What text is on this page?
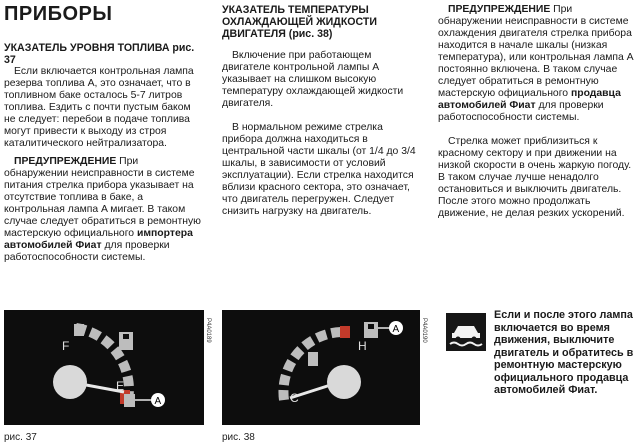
ПРИБОРЫ
УКАЗАТЕЛЬ УРОВНЯ ТОПЛИВА рис. 37

Если включается контрольная лампа резерва топлива A, это означает, что в топливном баке осталось 5-7 литров топлива. Ездить с почти пустым баком не следует: перебои в подаче топлива могут привести к выходу из строя каталитического нейтрализатора.

ПРЕДУПРЕЖДЕНИЕ При обнаружении неисправности в системе питания стрелка прибора указывает на отсутствие топлива в баке, а контрольная лампа A мигает. В таком случае следует обратиться в ремонтную мастерскую официального импортера автомобилей Фиат для проверки работоспособности системы.

УКАЗАТЕЛЬ ТЕМПЕРАТУРЫ ОХЛАЖДАЮЩЕЙ ЖИДКОСТИ ДВИГАТЕЛЯ (рис. 38)

Включение при работающем двигателе контрольной лампы A указывает на слишком высокую температуру охлаждающей жидкости двигателя.

В нормальном режиме стрелка прибора должна находиться в центральной части шкалы (от 1/4 до 3/4 шкалы, в зависимости от условий эксплуатации). Если стрелка находится вблизи красного сектора, это означает, что двигатель перегружен. Следует снизить нагрузку на двигатель.

ПРЕДУПРЕЖДЕНИЕ При обнаружении неисправности в системе охлаждения двигателя стрелка прибора находится в начале шкалы (низкая температура), или контрольная лампа A постоянно включена. В таком случае следует обратиться в ремонтную мастерскую официального продавца автомобилей Фиат для проверки работоспособности системы.

Стрелка может приблизиться к красному сектору и при движении на низкой скорости в очень жаркую погоду. В таком случае лучше ненадолго остановиться и выключить двигатель. После этого можно продолжать движение, не делая резких ускорений.

Если и после этого лампа включается во время движения, выключите двигатель и обратитесь в ремонтную мастерскую официального продавца автомобилей Фиат.
A
F
E
P4A0189
рис. 37
A
H
C
P4A0190
рис. 38
